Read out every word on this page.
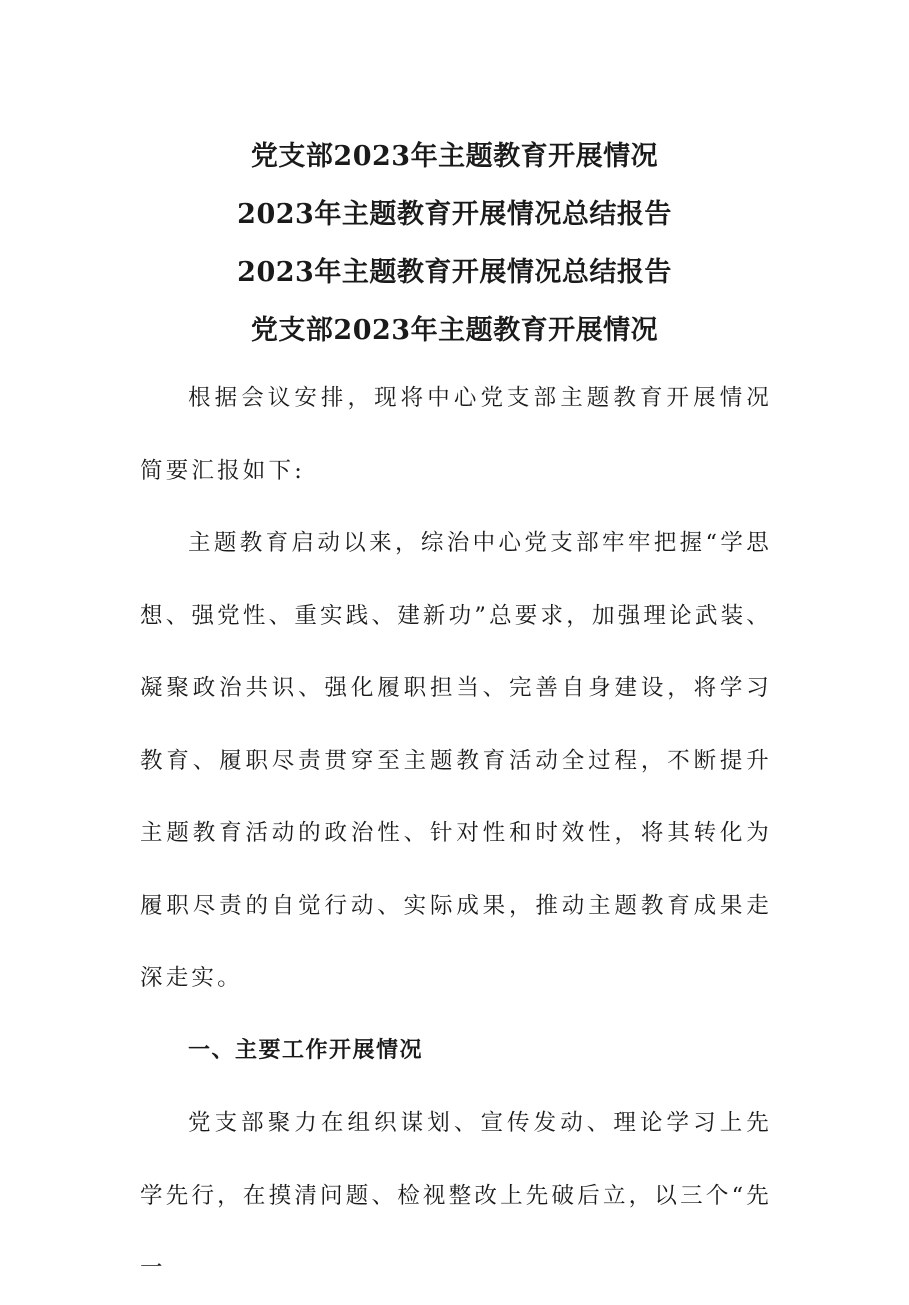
党支部2023年主题教育开展情况
2023年主题教育开展情况总结报告
2023年主题教育开展情况总结报告
党支部2023年主题教育开展情况

根据会议安排，现将中心党支部主题教育开展情况简要汇报如下:

主题教育启动以来，综治中心党支部牢牢把握“学思想、强党性、重实践、建新功”总要求，加强理论武装、凝聚政治共识、强化履职担当、完善自身建设，将学习教育、履职尽责贯穿至主题教育活动全过程，不断提升主题教育活动的政治性、针对性和时效性，将其转化为履职尽责的自觉行动、实际成果，推动主题教育成果走深走实。

一、主要工作开展情况

党支部聚力在组织谋划、宣传发动、理论学习上先学先行，在摸清问题、检视整改上先破后立，以三个“先一
